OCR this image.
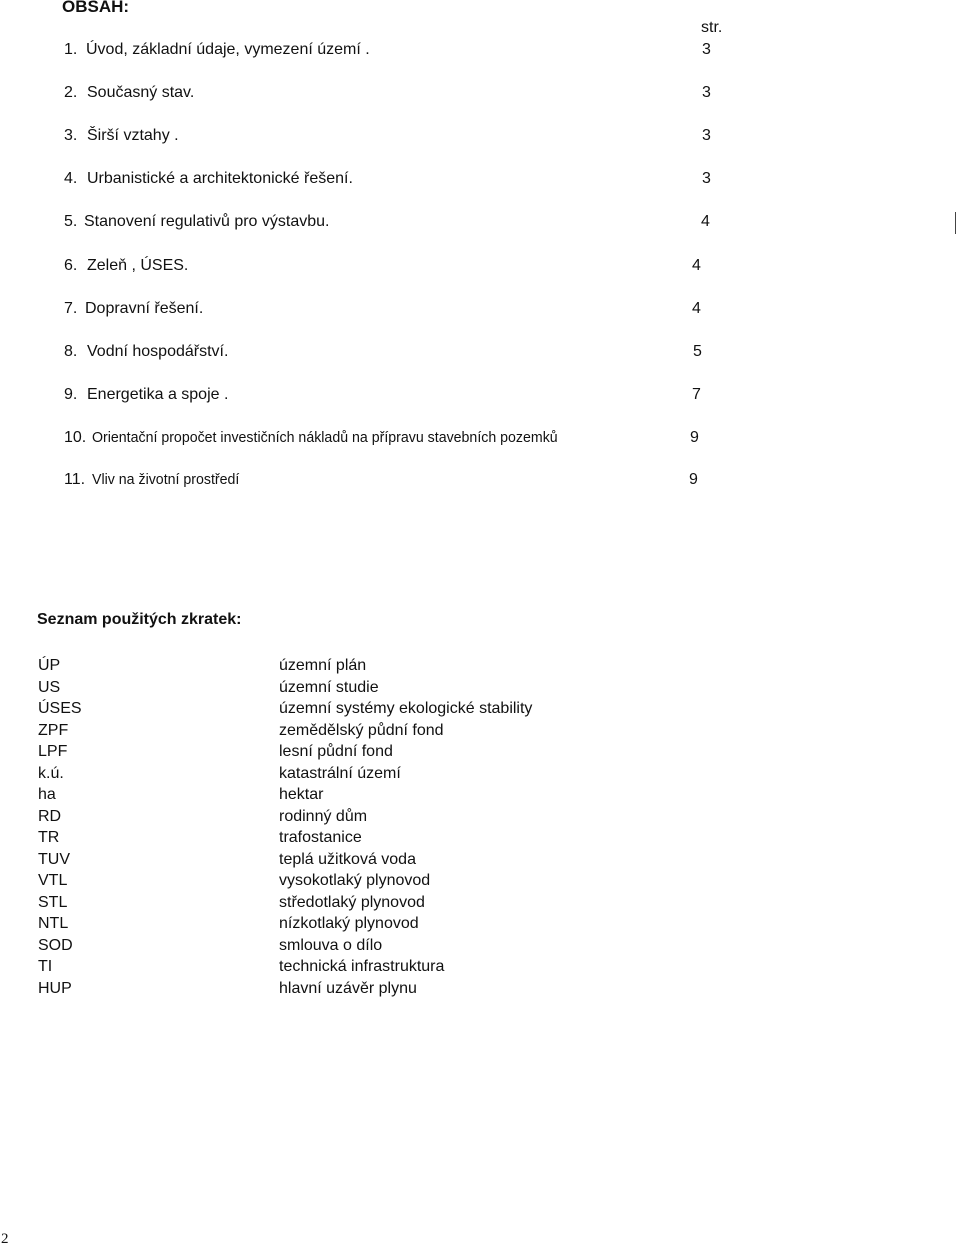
OBSAH:
str.
1. Úvod, základní údaje, vymezení území .	3
2. Současný stav.	3
3. Širší vztahy .	3
4. Urbanistické a architektonické řešení.	3
5. Stanovení regulativů pro výstavbu.	4
6. Zeleň , ÚSES.	4
7. Dopravní řešení.	4
8. Vodní hospodářství.	5
9. Energetika a spoje .	7
10. Orientační propočet investičních nákladů na přípravu stavebních pozemků	9
11. Vliv na životní prostředí	9
Seznam použitých zkratek:
ÚP	územní plán
US	územní studie
ÚSES	územní systémy ekologické stability
ZPF	zemědělský půdní fond
LPF	lesní půdní fond
k.ú.	katastrální území
ha	hektar
RD	rodinný dům
TR	trafostanice
TUV	teplá užitková voda
VTL	vysokotlaký plynovod
STL	středotlaký plynovod
NTL	nízkotlaký plynovod
SOD	smlouva o dílo
TI	technická infrastruktura
HUP	hlavní uzávěr plynu
2
